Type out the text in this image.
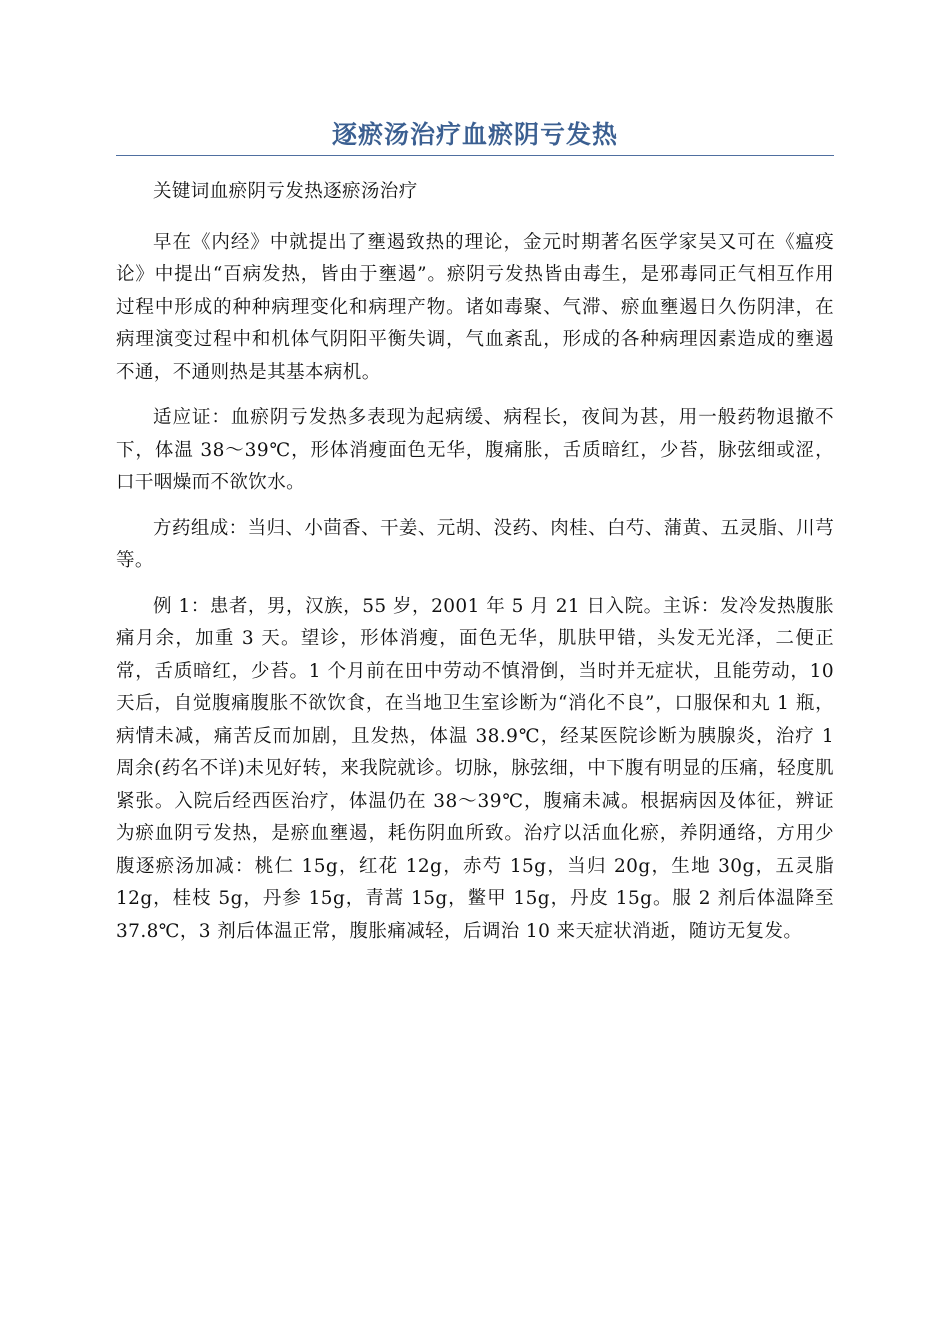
逐瘀汤治疗血瘀阴亏发热

关键词血瘀阴亏发热逐瘀汤治疗

早在《内经》中就提出了壅遏致热的理论，金元时期著名医学家吴又可在《瘟疫论》中提出“百病发热，皆由于壅遏”。瘀阴亏发热皆由毒生，是邪毒同正气相互作用过程中形成的种种病理变化和病理产物。诸如毒聚、气滞、瘀血壅遏日久伤阴津，在病理演变过程中和机体气阴阳平衡失调，气血紊乱，形成的各种病理因素造成的壅遏不通，不通则热是其基本病机。

适应证：血瘀阴亏发热多表现为起病缓、病程长，夜间为甚，用一般药物退撤不下，体温 38～39℃，形体消瘦面色无华，腹痛胀，舌质暗红，少苔，脉弦细或涩，口干咽燥而不欲饮水。

方药组成：当归、小茴香、干姜、元胡、没药、肉桂、白芍、蒲黄、五灵脂、川芎等。

例 1：患者，男，汉族，55 岁，2001 年 5 月 21 日入院。主诉：发冷发热腹胀痛月余，加重 3 天。望诊，形体消瘦，面色无华，肌肤甲错，头发无光泽，二便正常，舌质暗红，少苔。1 个月前在田中劳动不慎滑倒，当时并无症状，且能劳动，10 天后，自觉腹痛腹胀不欲饮食，在当地卫生室诊断为“消化不良”，口服保和丸 1 瓶，病情未减，痛苦反而加剧，且发热，体温 38.9℃，经某医院诊断为胰腺炎，治疗 1 周余(药名不详)未见好转，来我院就诊。切脉，脉弦细，中下腹有明显的压痛，轻度肌紧张。入院后经西医治疗，体温仍在 38～39℃，腹痛未减。根据病因及体征，辨证为瘀血阴亏发热，是瘀血壅遏，耗伤阴血所致。治疗以活血化瘀，养阴通络，方用少腹逐瘀汤加减：桃仁 15g，红花 12g，赤芍 15g，当归 20g，生地 30g，五灵脂 12g，桂枝 5g，丹参 15g，青蒿 15g，鳖甲 15g，丹皮 15g。服 2 剂后体温降至 37.8℃，3 剂后体温正常，腹胀痛减轻，后调治 10 来天症状消逝，随访无复发。
